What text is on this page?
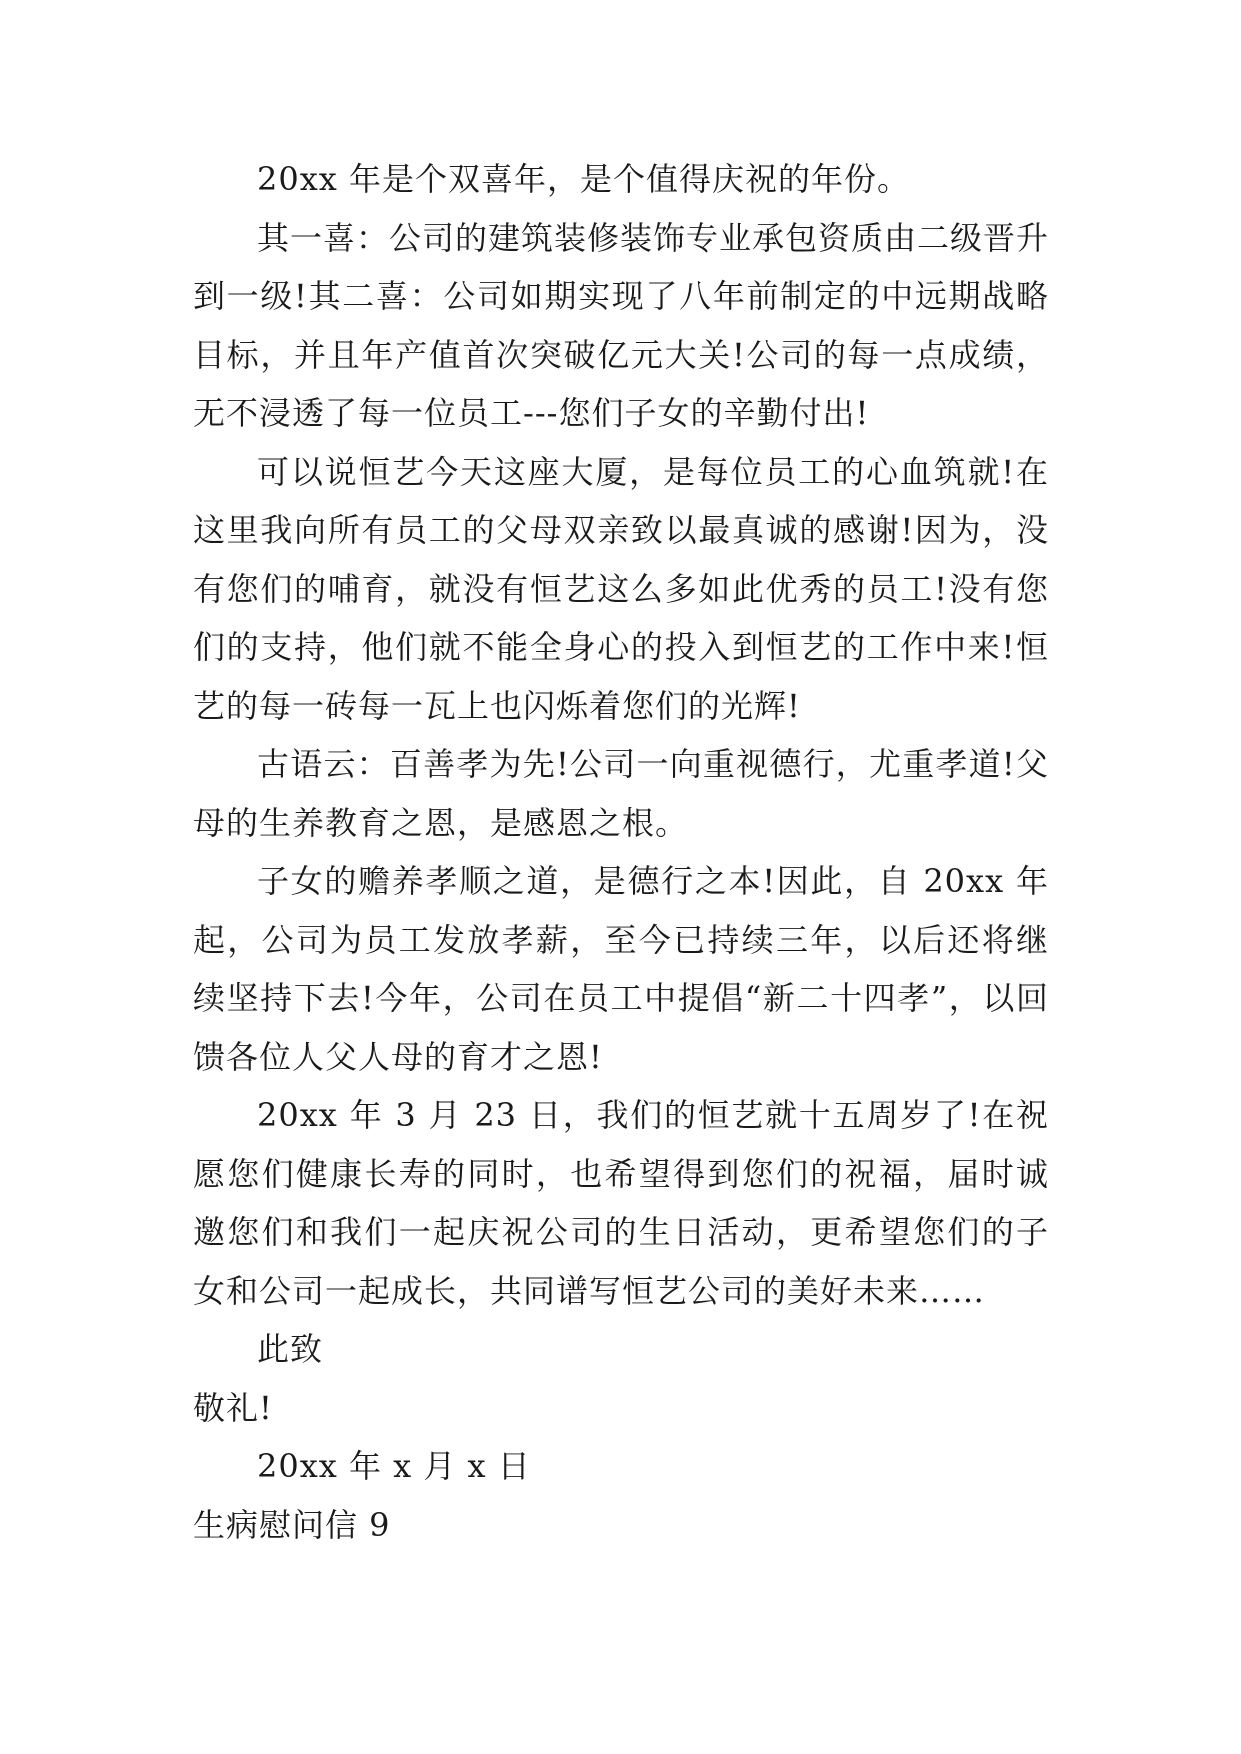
20xx 年是个双喜年，是个值得庆祝的年份。

其一喜：公司的建筑装修装饰专业承包资质由二级晋升到一级!其二喜：公司如期实现了八年前制定的中远期战略目标，并且年产值首次突破亿元大关!公司的每一点成绩，无不浸透了每一位员工---您们子女的辛勤付出!

可以说恒艺今天这座大厦，是每位员工的心血筑就!在这里我向所有员工的父母双亲致以最真诚的感谢!因为，没有您们的哺育，就没有恒艺这么多如此优秀的员工!没有您们的支持，他们就不能全身心的投入到恒艺的工作中来!恒艺的每一砖每一瓦上也闪烁着您们的光辉!

古语云：百善孝为先!公司一向重视德行，尤重孝道!父母的生养教育之恩，是感恩之根。

子女的赡养孝顺之道，是德行之本!因此，自 20xx 年起，公司为员工发放孝薪，至今已持续三年，以后还将继续坚持下去!今年，公司在员工中提倡“新二十四孝”，以回馈各位人父人母的育才之恩!

20xx 年 3 月 23 日，我们的恒艺就十五周岁了!在祝愿您们健康长寿的同时，也希望得到您们的祝福，届时诚邀您们和我们一起庆祝公司的生日活动，更希望您们的子女和公司一起成长，共同谱写恒艺公司的美好未来……

此致

敬礼!

20xx 年 x 月 x 日

生病慰问信 9
